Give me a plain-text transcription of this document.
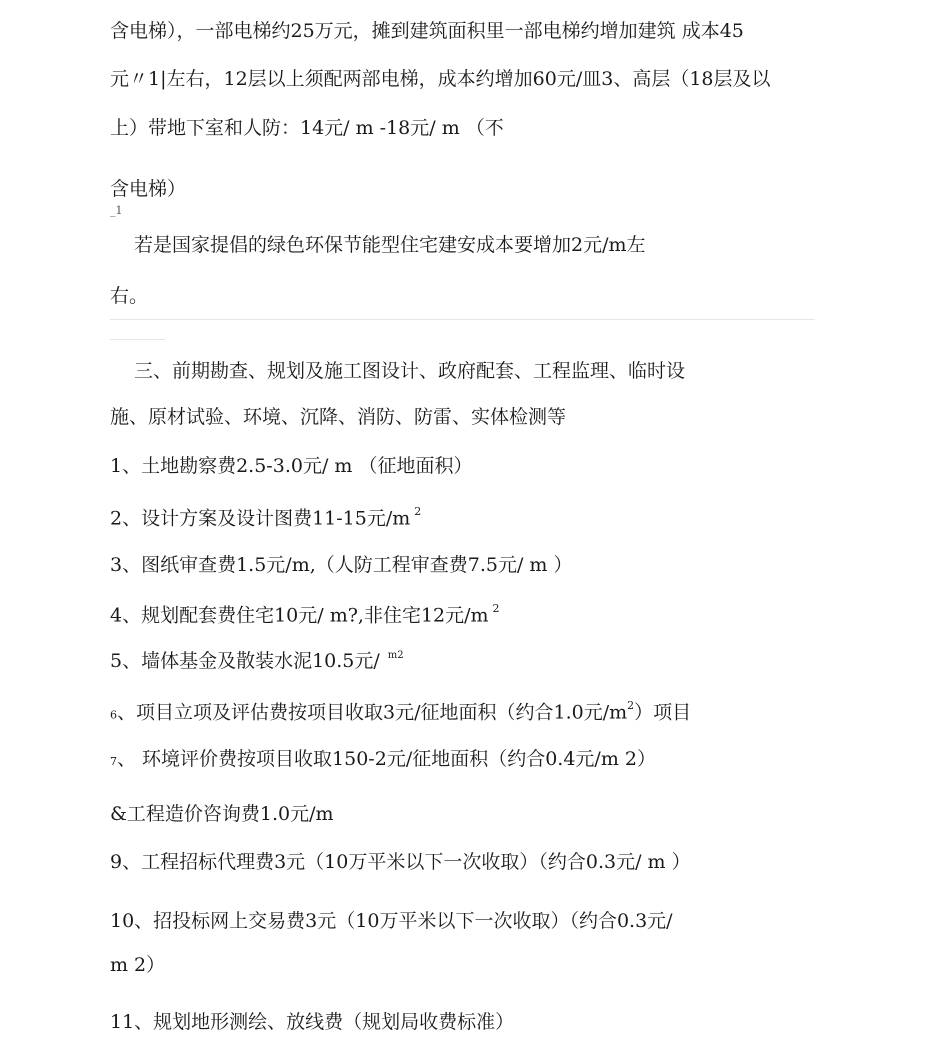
含电梯），一部电梯约25万元，摊到建筑面积里一部电梯约增加建筑 成本45
元〃1|左右，12层以上须配两部电梯，成本约增加60元/皿3、高层（18层及以
上）带地下室和人防：14元/ m -18元/ m （不
含电梯）
_1
若是国家提倡的绿色环保节能型住宅建安成本要增加2元/m左
右。
三、前期勘查、规划及施工图设计、政府配套、工程监理、临时设
施、原材试验、环境、沉降、消防、防雷、实体检测等
1、土地勘察费2.5-3.0元/ m （征地面积）
2、设计方案及设计图费11-15元/m $^2$
3、图纸审查费1.5元/m,（人防工程审查费7.5元/ m ）
4、规划配套费住宅10元/ m?,非住宅12元/m $^2$
5、墙体基金及散装水泥10.5元/ $^{m2}$
6、项目立项及评估费按项目收取3元/征地面积（约合1.0元$/m^2$）项目
7、 环境评价费按项目收取150-2元/征地面积（约合0.4元/m 2）
&工程造价咨询费1.0元/m
9、工程招标代理费3元（10万平米以下一次收取）（约合0.3元/ m ）
10、招投标网上交易费3元（10万平米以下一次收取）（约合0.3元/
m 2）
11、规划地形测绘、放线费（规划局收费标准）
